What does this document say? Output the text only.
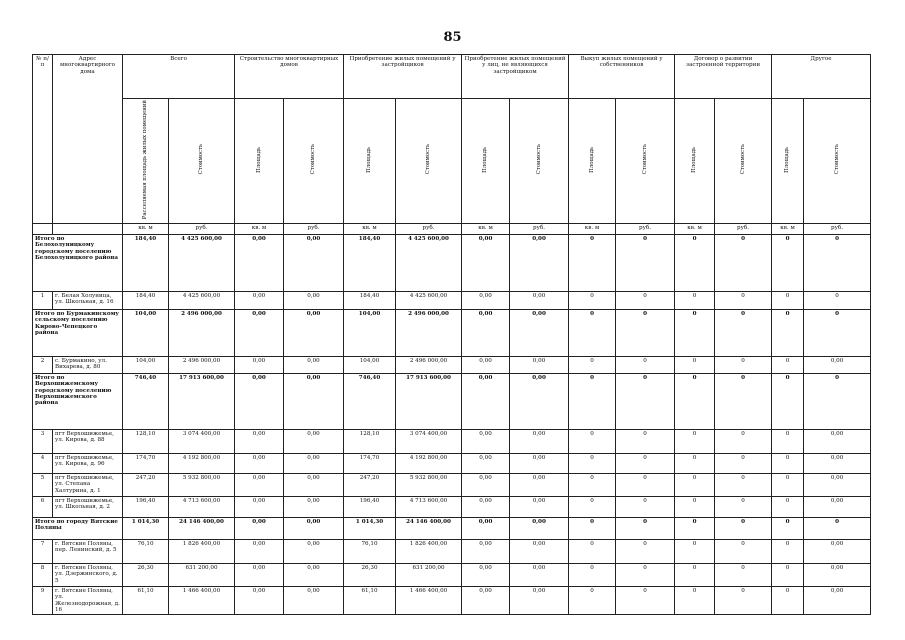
85
№ п/п	Адрес многоквартирного дома	Всего		Строительство многоквартирных домов		Приобретение жилых помещений у застройщиков		Приобретение жилых помещений у лиц, не являющихся застройщиком		Выкуп жилых помещений у собственников		Договор о развитии застроенной территории		Другое	
		Расселяемая площадь жилых помещений	Стоимость	Площадь	Стоимость	Площадь	Стоимость	Площадь	Стоимость	Площадь	Стоимость	Площадь	Стоимость	Площадь	Стоимость
		кв. м	руб.	кв. м	руб.	кв. м	руб.	кв. м	руб.	кв. м	руб.	кв. м	руб.	кв. м	руб.
Итого по Белохолуницкому городскому поселению Белохолуницкого района		184,40	4 425 600,00	0,00	0,00	184,40	4 425 600,00	0,00	0,00	0	0	0	0	0	0
1	г. Белая Холуница, ул. Школьная, д. 16	184,40	4 425 600,00	0,00	0,00	184,40	4 425 600,00	0,00	0,00	0	0	0	0	0	0
Итого по Бурмакинскому сельскому поселению Кирово-Чепецкого района		104,00	2 496 000,00	0,00	0,00	104,00	2 496 000,00	0,00	0,00	0	0	0	0	0	0
2	с. Бурмакино, ул. Вихарева, д. 80	104,00	2 496 000,00	0,00	0,00	104,00	2 496 000,00	0,00	0,00	0	0	0	0	0	0,00
Итого по Верхошижемскому городскому поселению Верхошижемского района		746,40	17 913 600,00	0,00	0,00	746,40	17 913 600,00	0,00	0,00	0	0	0	0	0	0
3	пгт Верхошижемье, ул. Кирова, д. 88	128,10	3 074 400,00	0,00	0,00	128,10	3 074 400,00	0,00	0,00	0	0	0	0	0	0,00
4	пгт Верхошижемье, ул. Кирова, д. 96	174,70	4 192 800,00	0,00	0,00	174,70	4 192 800,00	0,00	0,00	0	0	0	0	0	0,00
5	пгт Верхошижемье, ул. Степана Халтурина, д. 1	247,20	5 932 800,00	0,00	0,00	247,20	5 932 800,00	0,00	0,00	0	0	0	0	0	0,00
6	пгт Верхошижемье, ул. Школьная, д. 2	196,40	4 713 600,00	0,00	0,00	196,40	4 713 600,00	0,00	0,00	0	0	0	0	0	0,00
Итого по городу Вятские Поляны		1 014,30	24 146 400,00	0,00	0,00	1 014,30	24 146 400,00	0,00	0,00	0	0	0	0	0	0
7	г. Вятские Поляны, пер. Ленинский, д. 5	76,10	1 826 400,00	0,00	0,00	76,10	1 826 400,00	0,00	0,00	0	0	0	0	0	0,00
8	г. Вятские Поляны, ул. Дзержинского, д. 5	26,30	631 200,00	0,00	0,00	26,30	631 200,00	0,00	0,00	0	0	0	0	0	0,00
9	г. Вятские Поляны, ул. Железнодорожная, д. 16	61,10	1 466 400,00	0,00	0,00	61,10	1 466 400,00	0,00	0,00	0	0	0	0	0	0,00
